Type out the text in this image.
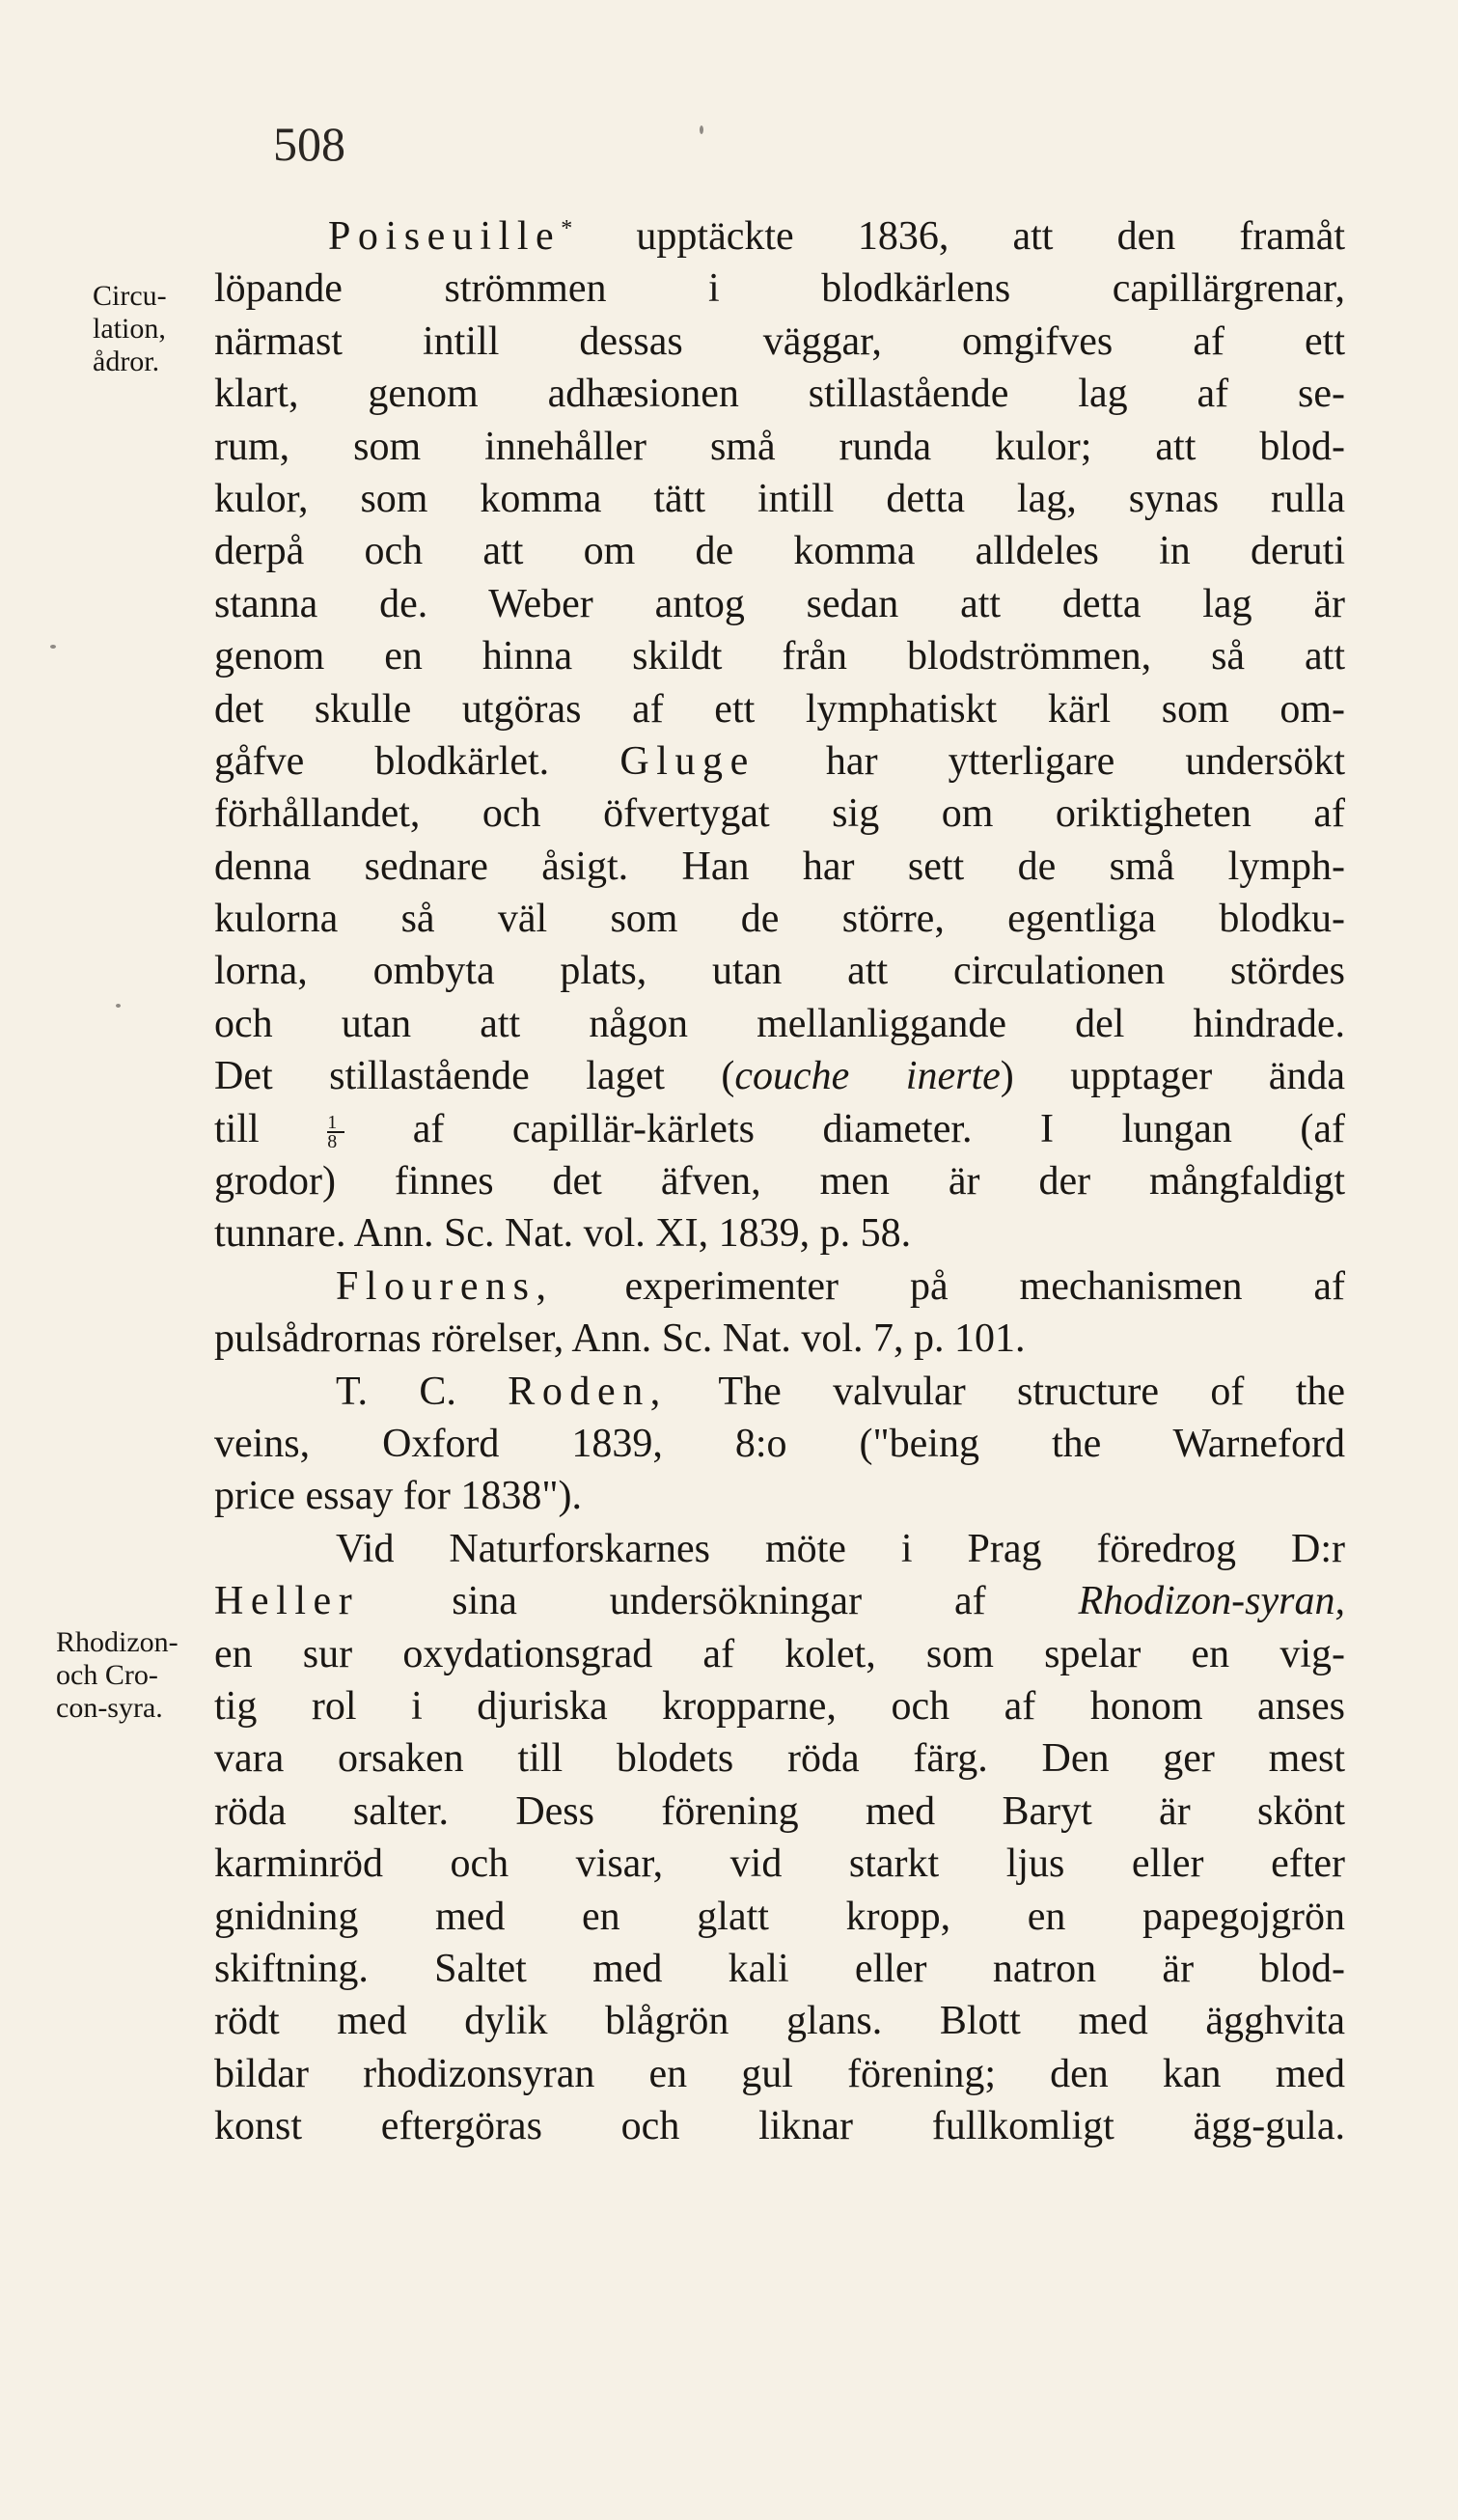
508
Circu-
lation,
ådror.
Rhodizon-
och Cro-
con-syra.
Poiseuille* upptäckte 1836, att den framåt
löpande strömmen i blodkärlens capillärgrenar,
närmast intill dessas väggar, omgifves af ett
klart, genom adhæsionen stillastående lag af se-
rum, som innehåller små runda kulor; att blod-
kulor, som komma tätt intill detta lag, synas rulla
derpå och att om de komma alldeles in deruti
stanna de. Weber antog sedan att detta lag är
genom en hinna skildt från blodströmmen, så att
det skulle utgöras af ett lymphatiskt kärl som om-
gåfve blodkärlet. Gluge har ytterligare undersökt
förhållandet, och öfvertygat sig om oriktigheten af
denna sednare åsigt. Han har sett de små lymph-
kulorna så väl som de större, egentliga blodku-
lorna, ombyta plats, utan att circulationen stördes
och utan att någon mellanliggande del hindrade.
Det stillastående laget (couche inerte) upptager ända
till	$\frac{1}{8}$ af capillär-kärlets diameter. I lungan (af
grodor) finnes det äfven, men är der mångfaldigt
tunnare. Ann. Sc. Nat. vol. XI, 1839, p. 58.
Flourens, experimenter på mechanismen af
pulsådrornas rörelser, Ann. Sc. Nat. vol. 7, p. 101.
T. C. Roden, The valvular structure of the
veins, Oxford 1839, 8:o ("being the Warneford
price essay for 1838").
Vid Naturforskarnes möte i Prag föredrog D:r
Heller sina undersökningar af Rhodizon-syran,
en sur oxydationsgrad af kolet, som spelar en vig-
tig rol i djuriska kropparne, och af honom anses
vara orsaken till blodets röda färg. Den ger mest
röda salter. Dess förening med Baryt är skönt
karminröd och visar, vid starkt ljus eller efter
gnidning med en glatt kropp, en papegojgrön
skiftning. Saltet med kali eller natron är blod-
rödt med dylik blågrön glans. Blott med ägghvita
bildar rhodizonsyran en gul förening; den kan med
konst eftergöras och liknar fullkomligt ägg-gula.
